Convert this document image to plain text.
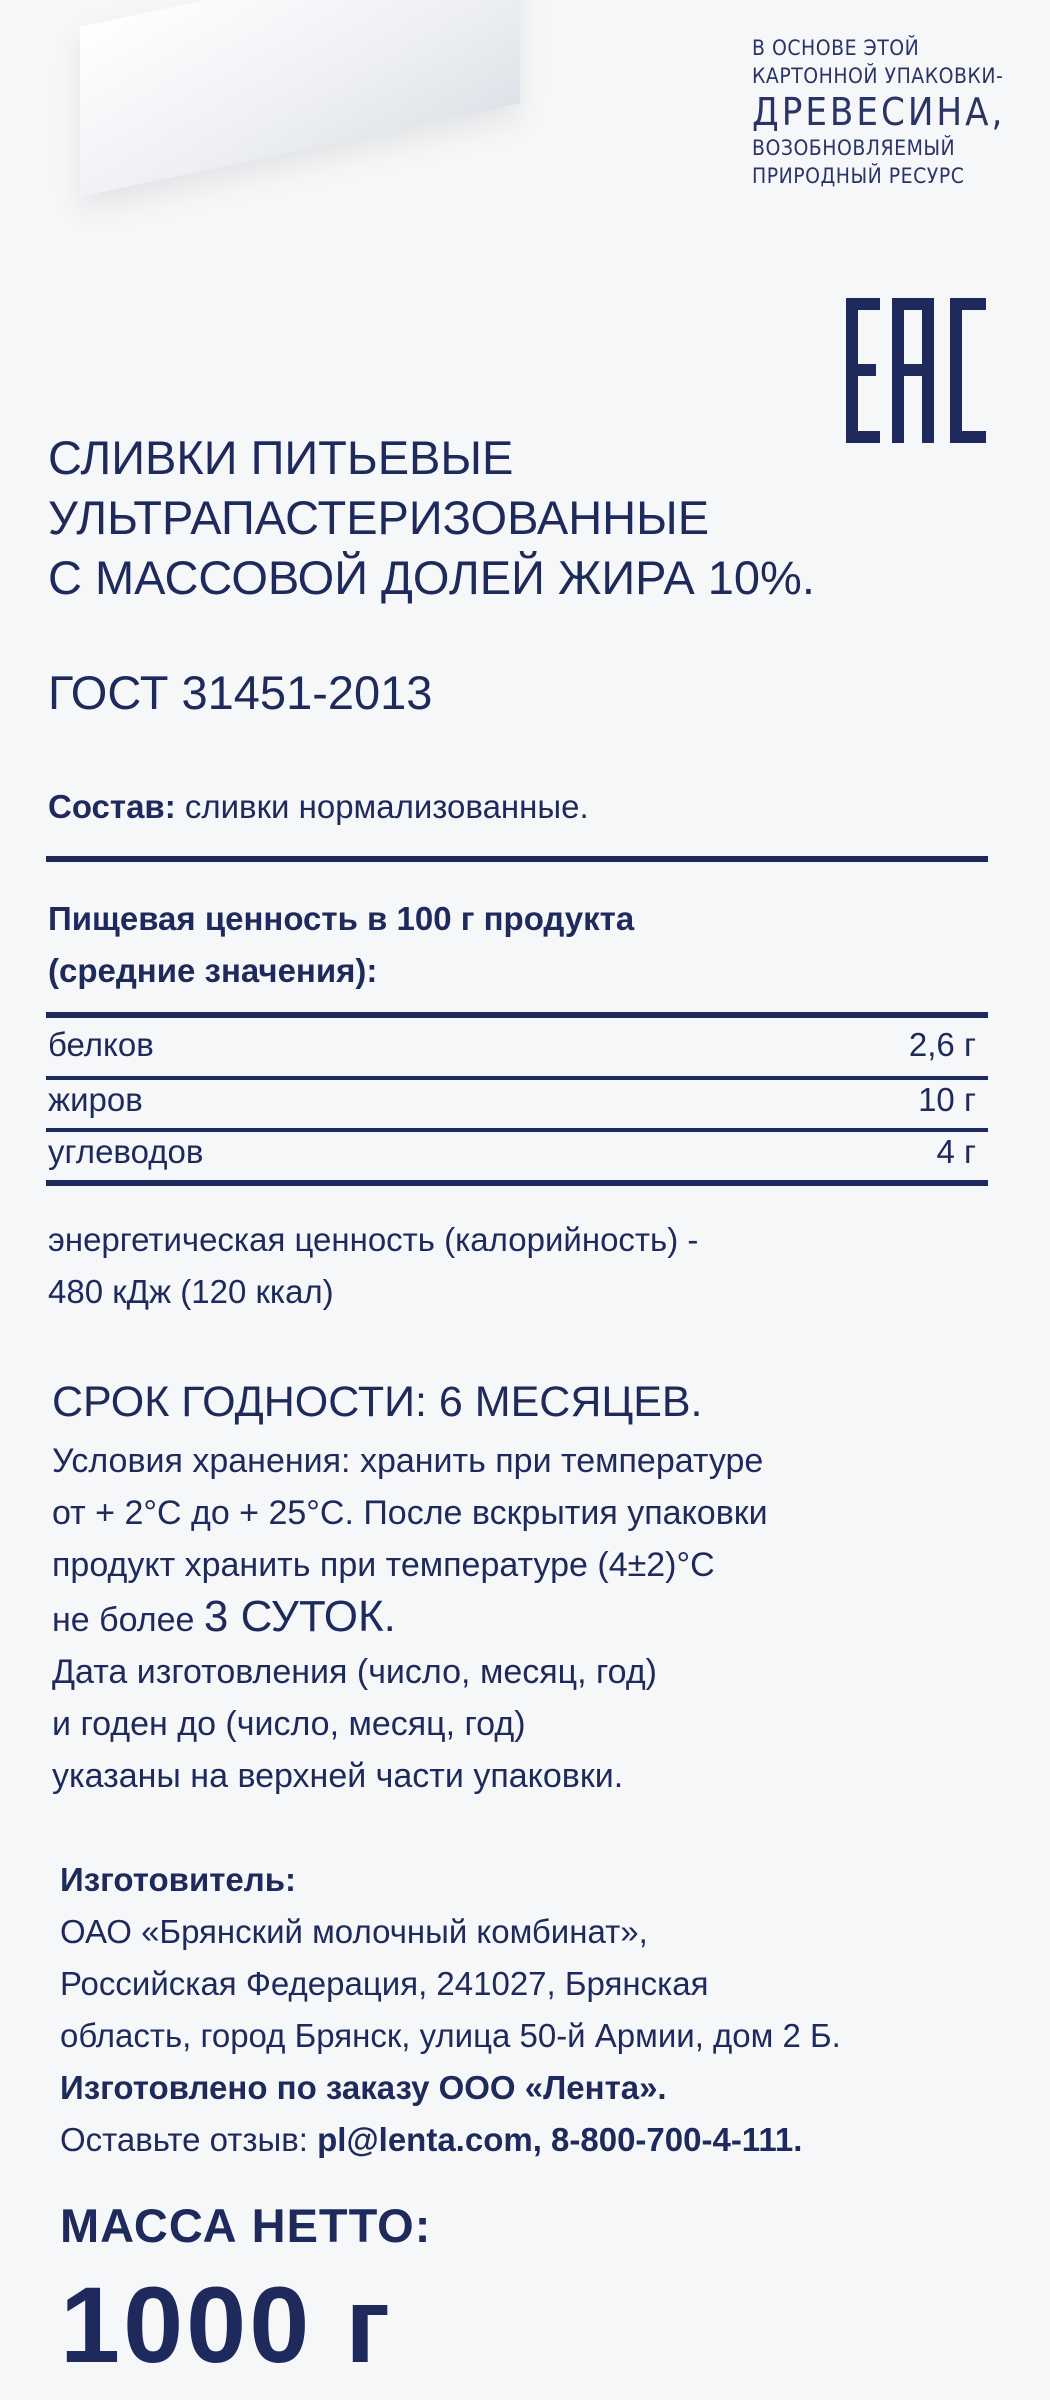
В ОСНОВЕ ЭТОЙ
КАРТОННОЙ УПАКОВКИ-
ДРЕВЕСИНА,
ВОЗОБНОВЛЯЕМЫЙ
ПРИРОДНЫЙ РЕСУРС
СЛИВКИ ПИТЬЕВЫЕ
УЛЬТРАПАСТЕРИЗОВАННЫЕ
С МАССОВОЙ ДОЛЕЙ ЖИРА 10%.
ГОСТ 31451-2013
Состав: сливки нормализованные.
Пищевая ценность в 100 г продукта
(средние значения):
белков	2,6 г
жиров	10 г
углеводов	4 г
энергетическая ценность (калорийность) -
480 кДж (120 ккал)
СРОК ГОДНОСТИ: 6 МЕСЯЦЕВ.
Условия хранения: хранить при температуре
от + 2°С до + 25°С. После вскрытия упаковки
продукт хранить при температуре (4±2)°С
не более 3 СУТОК.
Дата изготовления (число, месяц, год)
и годен до (число, месяц, год)
указаны на верхней части упаковки.
Изготовитель:
ОАО «Брянский молочный комбинат»,
Российская Федерация, 241027, Брянская
область, город Брянск, улица 50-й Армии, дом 2 Б.
Изготовлено по заказу ООО «Лента».
Оставьте отзыв: pl@lenta.com, 8-800-700-4-111.
МАССА НЕТТО:
1000 г
